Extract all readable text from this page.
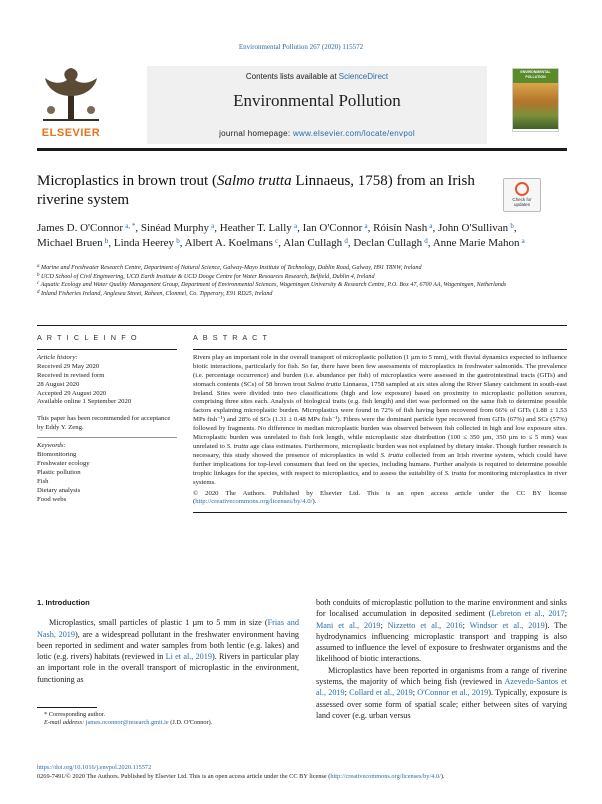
Environmental Pollution 267 (2020) 115572
ELSEVIER
Contents lists available at ScienceDirect
Environmental Pollution
journal homepage: www.elsevier.com/locate/envpol
ENVIRONMENTAL POLLUTION
Microplastics in brown trout (Salmo trutta Linnaeus, 1758) from an Irish riverine system	Check for updates
James D. O'Connor  $^{a, *}$, Sinéad Murphy  $^a$, Heather T. Lally  $^a$, Ian O'Connor  $^a$, Róisín Nash  $^a$, John O'Sullivan  $^b$, Michael Bruen  $^b$, Linda Heerey  $^b$, Albert A. Koelmans  $^c$, Alan Cullagh  $^d$, Declan Cullagh  $^d$, Anne Marie Mahon  $^a$
$^a$ Marine and Freshwater Research Centre, Department of Natural Science, Galway-Mayo Institute of Technology, Dublin Road, Galway, H91 T8NW, Ireland
$^b$ UCD School of Civil Engineering, UCD Earth Institute & UCD Dooge Centre for Water Resources Research, Belfield, Dublin 4, Ireland
$^c$ Aquatic Ecology and Water Quality Management Group, Department of Environmental Sciences, Wageningen University & Research Centre, P.O. Box 47, 6700 AA, Wageningen, Netherlands
$^d$ Inland Fisheries Ireland, Anglesea Street, Raheen, Clonmel, Co. Tipperary, E91 RD25, Ireland
A R T I C L E I N F O
Article history:
Received 29 May 2020
Received in revised form
28 August 2020
Accepted 29 August 2020
Available online 1 September 2020
This paper has been recommended for acceptance by Eddy Y. Zeng.
Keywords:
Biomonitoring
Freshwater ecology
Plastic pollution
Fish
Dietary analysis
Food webs
A B S T R A C T
Rivers play an important role in the overall transport of microplastic pollution (1 µm to 5 mm), with fluvial dynamics expected to influence biotic interactions, particularly for fish. So far, there have been few assessments of microplastics in freshwater salmonids. The prevalence (i.e. percentage occurrence) and burden (i.e. abundance per fish) of microplastics were assessed in the gastrointestinal tracts (GITs) and stomach contents (SCs) of 58 brown trout Salmo trutta Linnaeus, 1758 sampled at six sites along the River Slaney catchment in south-east Ireland. Sites were divided into two classifications (high and low exposure) based on proximity to microplastic pollution sources, comprising three sites each. Analysis of biological traits (e.g. fish length) and diet was performed on the same fish to determine possible factors explaining microplastic burden. Microplastics were found in 72% of fish having been recovered from 66% of GITs (1.88 ± 1.53 MPs fish⁻¹) and 28% of SCs (1.31 ± 0.48 MPs fish⁻¹). Fibres were the dominant particle type recovered from GITs (67%) and SCs (57%) followed by fragments. No difference in median microplastic burden was observed between fish collected in high and low exposure sites. Microplastic burden was unrelated to fish fork length, while microplastic size distribution (100 ≤ 350 µm, 350 µm to ≤ 5 mm) was unrelated to S. trutta age class estimates. Furthermore, microplastic burden was not explained by dietary intake. Though further research is necessary, this study showed the presence of microplastics in wild S. trutta collected from an Irish riverine system, which could have further implications for top-level consumers that feed on the species, including humans. Further analysis is required to determine possible trophic linkages for the species, with respect to microplastics, and to assess the suitability of S. trutta for monitoring microplastics in river systems.
© 2020 The Authors. Published by Elsevier Ltd. This is an open access article under the CC BY license (http://creativecommons.org/licenses/by/4.0/).
1. Introduction
Microplastics, small particles of plastic 1 µm to 5 mm in size (Frias and Nash, 2019), are a widespread pollutant in the freshwater environment having been reported in sediment and water samples from both lentic (e.g. lakes) and lotic (e.g. rivers) habitats (reviewed in Li et al., 2019). Rivers in particular play an important role in the overall transport of microplastic in the environment, functioning as
both conduits of microplastic pollution to the marine environment and sinks for localised accumulation in deposited sediment (Lebreton et al., 2017; Mani et al., 2019; Nizzetto et al., 2016; Windsor et al., 2019). The hydrodynamics influencing microplastic transport and trapping is also assumed to influence the level of exposure to freshwater organisms and the likelihood of biotic interactions.
Microplastics have been reported in organisms from a range of riverine systems, the majority of which being fish (reviewed in Azevedo-Santos et al., 2019; Collard et al., 2019; O'Connor et al., 2019). Typically, exposure is assessed over some form of spatial scale; either between sites of varying land cover (e.g. urban versus
* Corresponding author.
E-mail address: james.oconnor@research.gmit.ie (J.D. O'Connor).
https://doi.org/10.1016/j.envpol.2020.115572
0269-7491/© 2020 The Authors. Published by Elsevier Ltd. This is an open access article under the CC BY license (http://creativecommons.org/licenses/by/4.0/).
